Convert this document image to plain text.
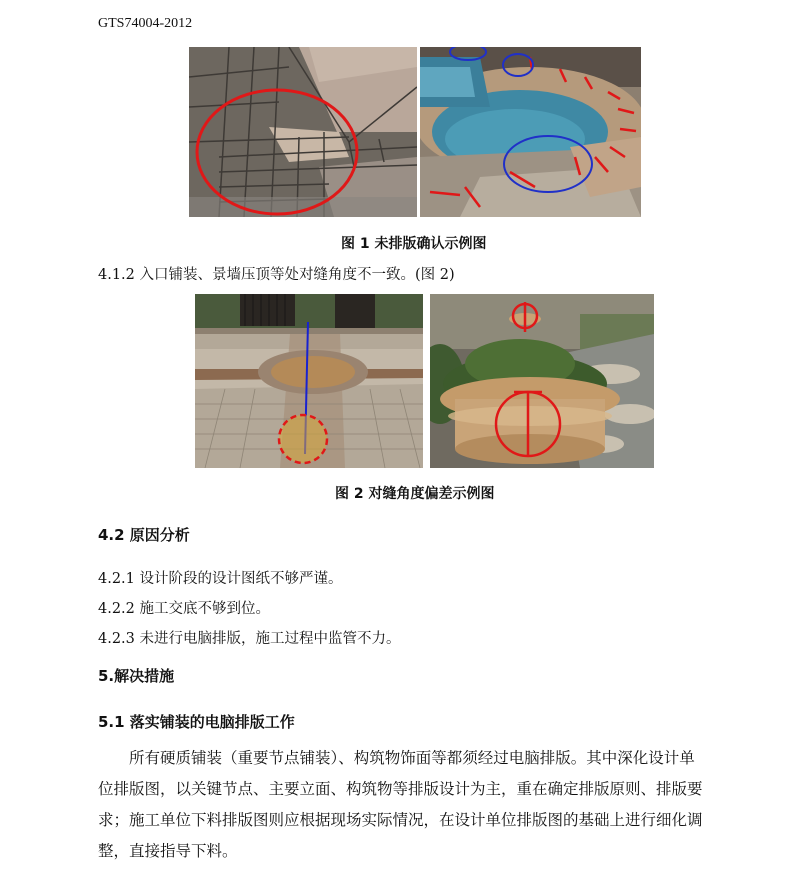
GTS74004-2012
图 1 未排版确认示例图
4.1.2 入口铺装、景墙压顶等处对缝角度不一致。(图 2)
图 2 对缝角度偏差示例图
4.2 原因分析
4.2.1 设计阶段的设计图纸不够严谨。
4.2.2 施工交底不够到位。
4.2.3 未进行电脑排版，施工过程中监管不力。
5.解决措施
5.1 落实铺装的电脑排版工作

所有硬质铺装（重要节点铺装）、构筑物饰面等都须经过电脑排版。其中深化设计单

位排版图，以关键节点、主要立面、构筑物等排版设计为主，重在确定排版原则、排版要

求；施工单位下料排版图则应根据现场实际情况，在设计单位排版图的基础上进行细化调

整，直接指导下料。
